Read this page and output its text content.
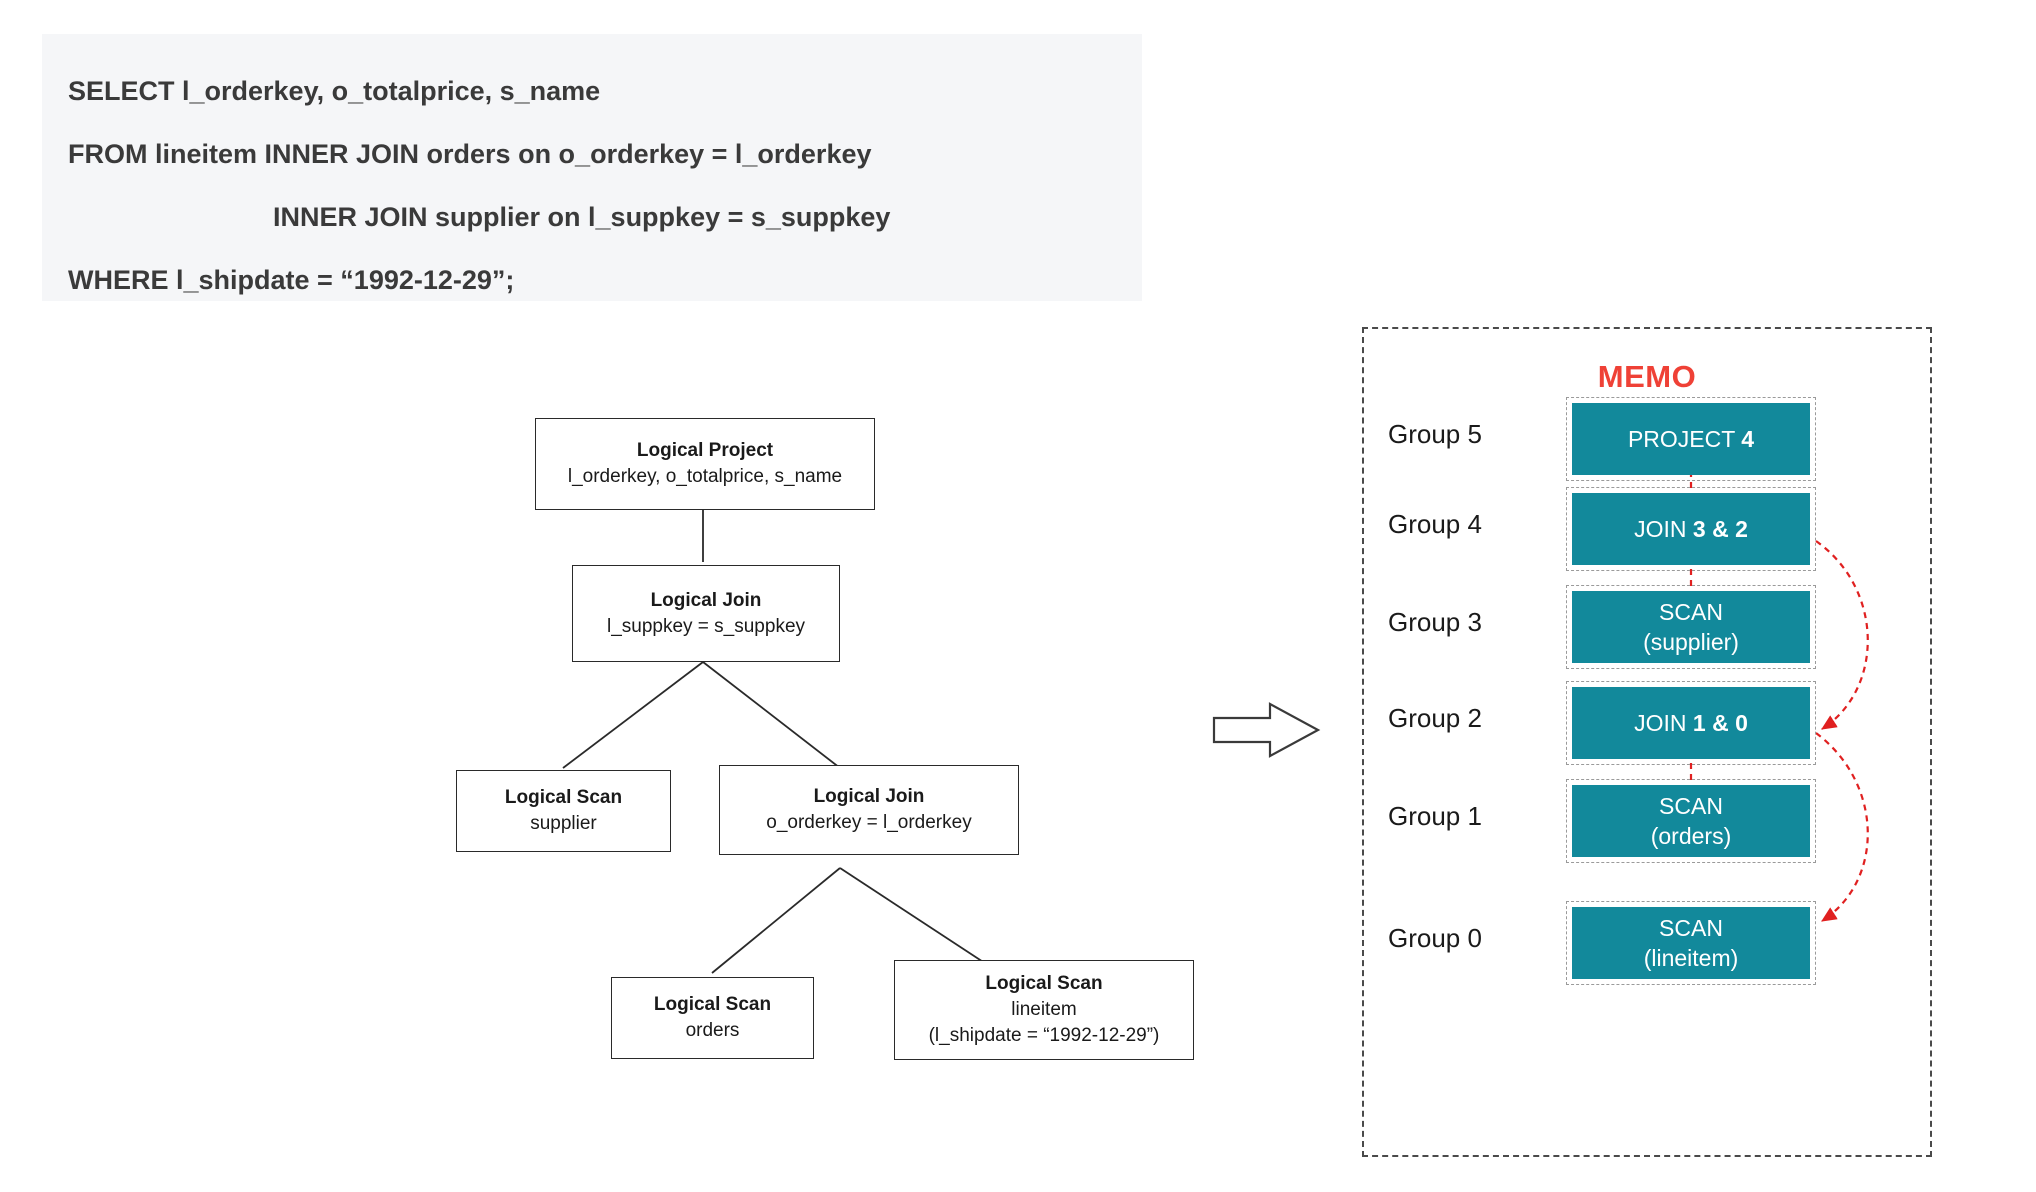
SELECT l_orderkey, o_totalprice, s_name
FROM lineitem INNER JOIN orders on o_orderkey = l_orderkey
INNER JOIN supplier on l_suppkey = s_suppkey
WHERE l_shipdate = “1992-12-29”;
Logical Project
l_orderkey, o_totalprice, s_name
Logical Join
l_suppkey = s_suppkey
Logical Scan
supplier
Logical Join
o_orderkey = l_orderkey
Logical Scan
orders
Logical Scan
lineitem
(l_shipdate = “1992-12-29”)
MEMO
Group 5	PROJECT 4
Group 4	JOIN 3 & 2
Group 3	SCAN
(supplier)
Group 2	JOIN 1 & 0
Group 1	SCAN
(orders)
Group 0	SCAN
(lineitem)
